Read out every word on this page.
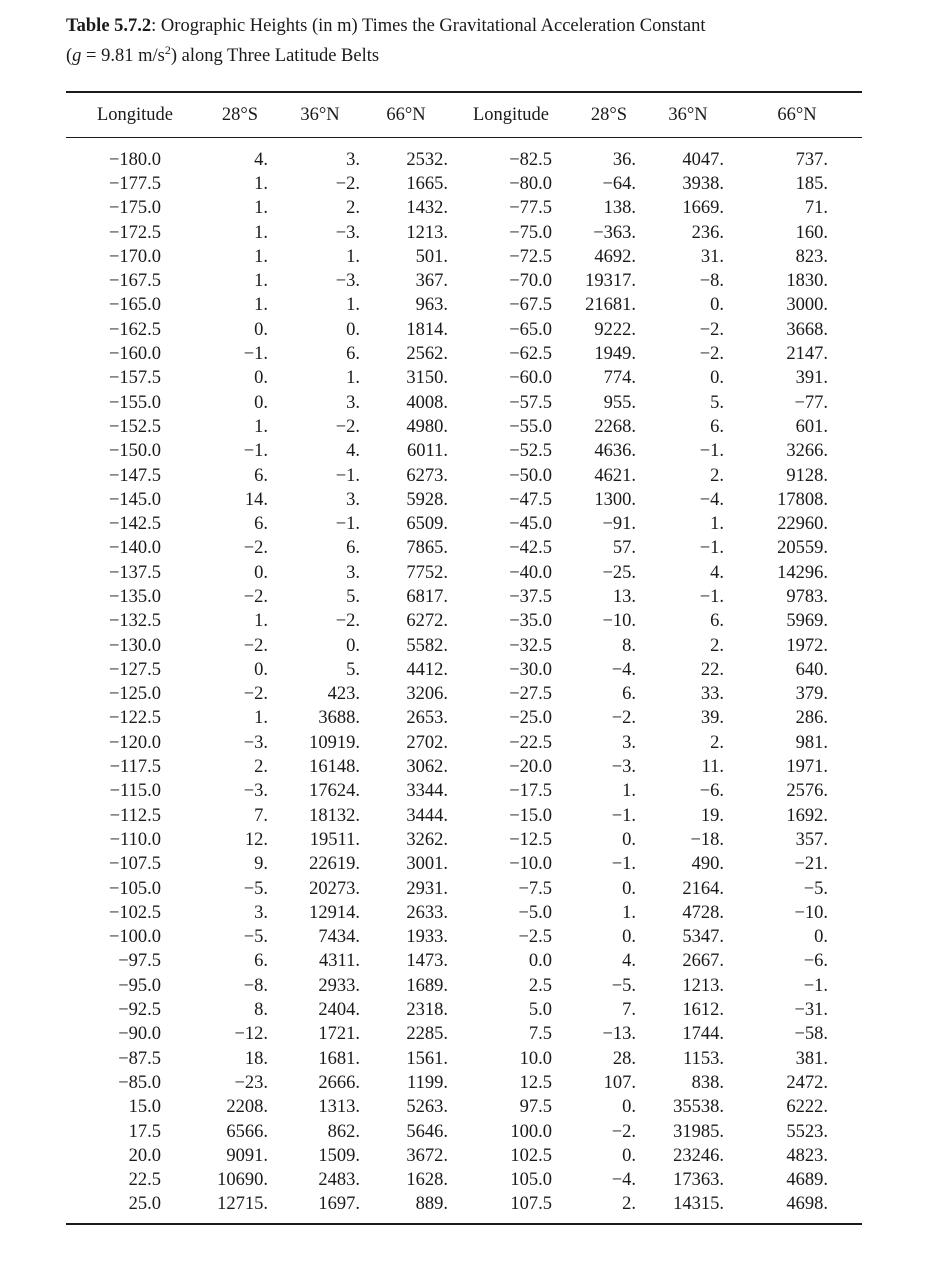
Table 5.7.2: Orographic Heights (in m) Times the Gravitational Acceleration Constant
(g = 9.81 $m/s^2$) along Three Latitude Belts

Longitude	28°S	36°N	66°N	Longitude	28°S	36°N	66°N

−180.0	4.	3.	2532.	−82.5	36.	4047.	737.
−177.5	1.	−2.	1665.	−80.0	−64.	3938.	185.
−175.0	1.	2.	1432.	−77.5	138.	1669.	71.
−172.5	1.	−3.	1213.	−75.0	−363.	236.	160.
−170.0	1.	1.	501.	−72.5	4692.	31.	823.
−167.5	1.	−3.	367.	−70.0	19317.	−8.	1830.
−165.0	1.	1.	963.	−67.5	21681.	0.	3000.
−162.5	0.	0.	1814.	−65.0	9222.	−2.	3668.
−160.0	−1.	6.	2562.	−62.5	1949.	−2.	2147.
−157.5	0.	1.	3150.	−60.0	774.	0.	391.
−155.0	0.	3.	4008.	−57.5	955.	5.	−77.
−152.5	1.	−2.	4980.	−55.0	2268.	6.	601.
−150.0	−1.	4.	6011.	−52.5	4636.	−1.	3266.
−147.5	6.	−1.	6273.	−50.0	4621.	2.	9128.
−145.0	14.	3.	5928.	−47.5	1300.	−4.	17808.
−142.5	6.	−1.	6509.	−45.0	−91.	1.	22960.
−140.0	−2.	6.	7865.	−42.5	57.	−1.	20559.
−137.5	0.	3.	7752.	−40.0	−25.	4.	14296.
−135.0	−2.	5.	6817.	−37.5	13.	−1.	9783.
−132.5	1.	−2.	6272.	−35.0	−10.	6.	5969.
−130.0	−2.	0.	5582.	−32.5	8.	2.	1972.
−127.5	0.	5.	4412.	−30.0	−4.	22.	640.
−125.0	−2.	423.	3206.	−27.5	6.	33.	379.
−122.5	1.	3688.	2653.	−25.0	−2.	39.	286.
−120.0	−3.	10919.	2702.	−22.5	3.	2.	981.
−117.5	2.	16148.	3062.	−20.0	−3.	11.	1971.
−115.0	−3.	17624.	3344.	−17.5	1.	−6.	2576.
−112.5	7.	18132.	3444.	−15.0	−1.	19.	1692.
−110.0	12.	19511.	3262.	−12.5	0.	−18.	357.
−107.5	9.	22619.	3001.	−10.0	−1.	490.	−21.
−105.0	−5.	20273.	2931.	−7.5	0.	2164.	−5.
−102.5	3.	12914.	2633.	−5.0	1.	4728.	−10.
−100.0	−5.	7434.	1933.	−2.5	0.	5347.	0.
−97.5	6.	4311.	1473.	0.0	4.	2667.	−6.
−95.0	−8.	2933.	1689.	2.5	−5.	1213.	−1.
−92.5	8.	2404.	2318.	5.0	7.	1612.	−31.
−90.0	−12.	1721.	2285.	7.5	−13.	1744.	−58.
−87.5	18.	1681.	1561.	10.0	28.	1153.	381.
−85.0	−23.	2666.	1199.	12.5	107.	838.	2472.
15.0	2208.	1313.	5263.	97.5	0.	35538.	6222.
17.5	6566.	862.	5646.	100.0	−2.	31985.	5523.
20.0	9091.	1509.	3672.	102.5	0.	23246.	4823.
22.5	10690.	2483.	1628.	105.0	−4.	17363.	4689.
25.0	12715.	1697.	889.	107.5	2.	14315.	4698.
